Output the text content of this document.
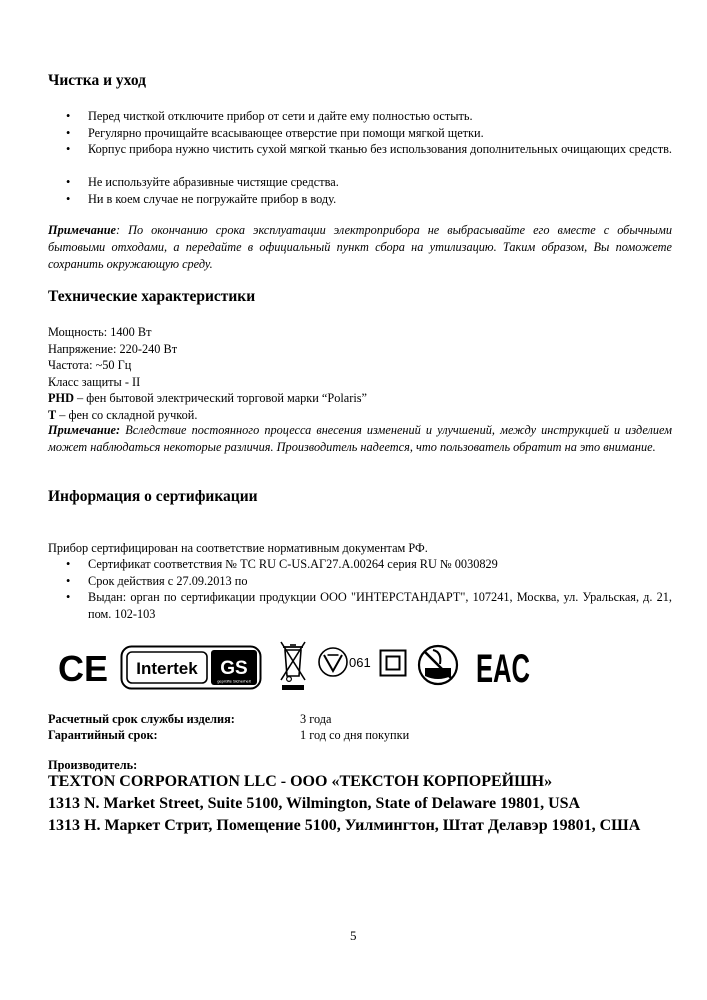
Чистка и уход
•	Перед чисткой отключите прибор от сети и дайте ему полностью остыть.
•	Регулярно прочищайте всасывающее отверстие при помощи мягкой щетки.
•	Корпус прибора нужно чистить сухой мягкой тканью без использования дополнительных очищающих средств.
•	Не используйте абразивные чистящие средства.
•	Ни в коем случае не погружайте прибор в воду.
Примечание: По окончанию срока эксплуатации электроприбора не выбрасывайте его вместе с обычными бытовыми отходами, а передайте в официальный пункт сбора на утилизацию. Таким образом, Вы поможете сохранить окружающую среду.
Технические характеристики
Мощность: 1400 Вт
Напряжение: 220-240 Вт
Частота: ~50 Гц
Класс защиты - II
PHD – фен бытовой электрический торговой марки “Polaris”
T – фен со складной ручкой.
Примечание: Вследствие постоянного процесса внесения изменений и улучшений, между инструкцией и изделием может наблюдаться некоторые различия. Производитель надеется, что пользователь обратит на это внимание.
Информация о сертификации
Прибор сертифицирован на соответствие нормативным документам РФ.
•	Сертификат соответствия № ТС RU C-US.АГ27.А.00264 серия RU № 0030829
•	Срок действия с 27.09.2013 по
•	Выдан: орган по сертификации продукции ООО "ИНТЕРСТАНДАРТ", 107241, Москва, ул. Уральская, д. 21, пом. 102-103
CE Intertek GS
geprüfte Sicherheit
061	EAC
Расчетный срок службы изделия:	3 года
Гарантийный срок:	1 год со дня покупки
Производитель:
TEXTON CORPORATION LLC - ООО «ТЕКСТОН КОРПОРЕЙШН»
1313 N. Market Street, Suite 5100, Wilmington, State of Delaware 19801, USA
1313 Н. Маркет Стрит, Помещение 5100, Уилмингтон, Штат Делавэр 19801, США
5
